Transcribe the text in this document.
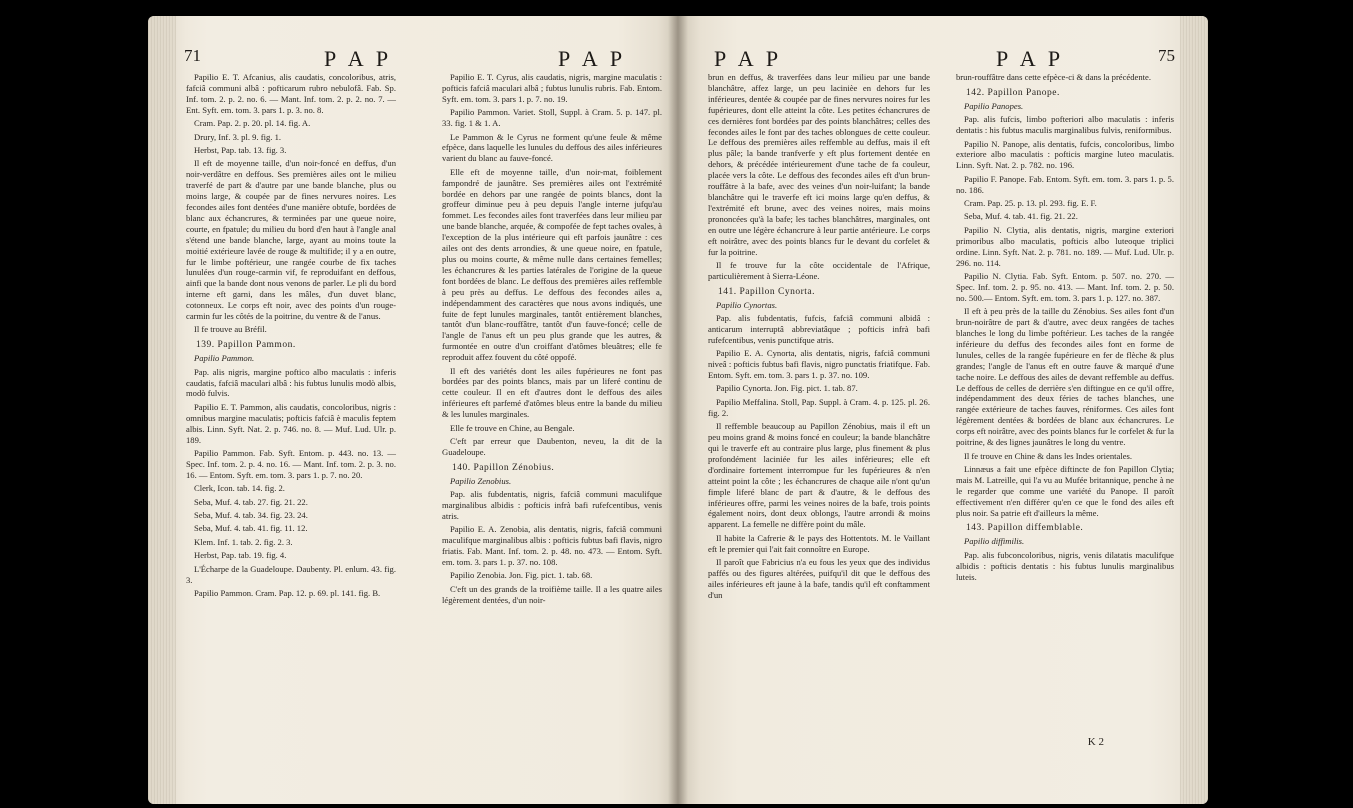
71	P A P	P A P

Papilio E. T. Afcanius, alis caudatis, concoloribus, atris, fafciâ communi albâ : pofticarum rubro nebulofâ. Fab. Sp. Inf. tom. 2. p. 2. no. 6. — Mant. Inf. tom. 2. p. 2. no. 7. — Ent. Syft. em. tom. 3. pars 1. p. 3. no. 8.

Cram. Pap. 2. p. 20. pl. 14. fig. A.

Drury, Inf. 3. pl. 9. fig. 1.

Herbst, Pap. tab. 13. fig. 3.

Il eft de moyenne taille, d'un noir-foncé en deffus, d'un noir-verdâtre en deffous. Ses premières ailes ont le milieu traverfé de part & d'autre par une bande blanche, plus ou moins large, & coupée par de fines nervures noires. Les fecondes ailes font dentées d'une manière obtufe, bordées de blanc aux échancrures, & terminées par une queue noire, courte, en fpatule; du milieu du bord d'en haut à l'angle anal s'étend une bande blanche, large, ayant au moins toute la moitié extérieure lavée de rouge & multifide; il y a en outre, fur le limbe poftérieur, une rangée courbe de fix taches lunulées d'un rouge-carmin vif, fe reproduifant en deffous, ainfi que la bande dont nous venons de parler. Le pli du bord interne eft garni, dans les mâles, d'un duvet blanc, cotonneux. Le corps eft noir, avec des points d'un rouge-carmin fur les côtés de la poitrine, du ventre & de l'anus.

Il fe trouve au Bréfil.

139. Papillon Pammon.

Papilio Pammon.

Pap. alis nigris, margine poftico albo maculatis : inferis caudatis, fafciâ maculari albâ : his fubtus lunulis modò albis, modò fulvis.

Papilio E. T. Pammon, alis caudatis, concoloribus, nigris : omnibus margine maculatis; pofticis fafciâ è maculis feptem albis. Linn. Syft. Nat. 2. p. 746. no. 8. — Muf. Lud. Ulr. p. 189.

Papilio Pammon. Fab. Syft. Entom. p. 443. no. 13. — Spec. Inf. tom. 2. p. 4. no. 16. — Mant. Inf. tom. 2. p. 3. no. 16. — Entom. Syft. em. tom. 3. pars 1. p. 7. no. 20.

Clerk, Icon. tab. 14. fig. 2.

Seba, Muf. 4. tab. 27. fig. 21. 22.

Seba, Muf. 4. tab. 34. fig. 23. 24.

Seba, Muf. 4. tab. 41. fig. 11. 12.

Klem. Inf. 1. tab. 2. fig. 2. 3.

Herbst, Pap. tab. 19. fig. 4.

L'Écharpe de la Guadeloupe. Daubenty. Pl. enlum. 43. fig. 3.

Papilio Pammon. Cram. Pap. 12. p. 69. pl. 141. fig. B.

Papilio E. T. Cyrus, alis caudatis, nigris, margine maculatis : pofticis fafciâ maculari albâ ; fubtus lunulis rubris. Fab. Entom. Syft. em. tom. 3. pars 1. p. 7. no. 19.

Papilio Pammon. Variet. Stoll, Suppl. à Cram. 5. p. 147. pl. 33. fig. 1 & 1. A.

Le Pammon & le Cyrus ne forment qu'une feule & même efpèce, dans laquelle les lunules du deffous des ailes inférieures varient du blanc au fauve-foncé.

Elle eft de moyenne taille, d'un noir-mat, foiblement fampondré de jaunâtre. Ses premières ailes ont l'extrémité bordée en dehors par une rangée de points blancs, dont la groffeur diminue peu à peu depuis l'angle interne jufqu'au fommet. Les fecondes ailes font traverfées dans leur milieu par une bande blanche, arquée, & compofée de fept taches ovales, à l'exception de la plus intérieure qui eft parfois jaunâtre : ces ailes ont des dents arrondies, & une queue noire, en fpatule, plus ou moins courte, & même nulle dans certaines femelles; les échancrures & les parties latérales de l'origine de la queue font bordées de blanc. Le deffous des premières ailes reffemble à peu près au deffus. Le deffous des fecondes ailes a, indépendamment des caractères que nous avons indiqués, une fuite de fept lunules marginales, tantôt entièrement blanches, tantôt d'un blanc-rouffâtre, tantôt d'un fauve-foncé; celle de l'angle de l'anus eft un peu plus grande que les autres, & furmontée en outre d'un croiffant d'atômes bleuâtres; elle fe reproduit affez fouvent du côté oppofé.

Il eft des variétés dont les ailes fupérieures ne font pas bordées par des points blancs, mais par un liferé continu de cette couleur. Il en eft d'autres dont le deffous des ailes inférieures eft parfemé d'atômes bleus entre la bande du milieu & les lunules marginales.

Elle fe trouve en Chine, au Bengale.

C'eft par erreur que Daubenton, neveu, la dit de la Guadeloupe.

140. Papillon Zénobius.

Papilio Zenobius.

Pap. alis fubdentatis, nigris, fafciâ communi maculifque marginalibus albidis : pofticis infrà bafi rufefcentibus, venis atris.

Papilio E. A. Zenobia, alis dentatis, nigris, fafciâ communi maculifque marginalibus albis : pofticis fubtus bafi flavis, nigro friatis. Fab. Mant. Inf. tom. 2. p. 48. no. 473. — Entom. Syft. em. tom. 3. pars 1. p. 37. no. 108.

Papilio Zenobia. Jon. Fig. pict. 1. tab. 68.

C'eft un des grands de la troifième taille. Il a les quatre ailes légèrement dentées, d'un noir-

P A P	P A P	75

brun en deffus, & traverfées dans leur milieu par une bande blanchâtre, affez large, un peu lacinièe en dehors fur les inférieures, dentée & coupée par de fines nervures noires fur les fupérieures, dont elle atteint la côte. Les petites échancrures de ces dernières font bordées par des points blanchâtres; celles des fecondes ailes le font par des taches oblongues de cette couleur. Le deffous des premières ailes reffemble au deffus, mais il eft plus pâle; la bande tranfverfe y eft plus fortement dentée en dehors, & précédée intérieurement d'une tache de fa couleur, placée vers la côte. Le deffous des fecondes ailes eft d'un brun-rouffâtre à la bafe, avec des veines d'un noir-luifant; la bande blanchâtre qui le traverfe eft ici moins large qu'en deffus, & l'extrémité eft brune, avec des veines noires, mais moins prononcées qu'à la bafe; les taches blanchâtres, marginales, ont en outre une légère échancrure à leur partie antérieure. Le corps eft noirâtre, avec des points blancs fur le devant du corfelet & fur la poitrine.

Il fe trouve fur la côte occidentale de l'Afrique, particulièrement à Sierra-Léone.

141. Papillon Cynorta.

Papilio Cynortas.

Pap. alis fubdentatis, fufcis, fafciâ communi albidâ : anticarum interruptâ abbreviatâque ; pofticis infrà bafi rufefcentibus, venis punctifque atris.

Papilio E. A. Cynorta, alis dentatis, nigris, fafciâ communi niveâ : pofticis fubtus bafi flavis, nigro punctatis friatifque. Fab. Entom. Syft. em. tom. 3. pars 1. p. 37. no. 109.

Papilio Cynorta. Jon. Fig. pict. 1. tab. 87.

Papilio Meffalina. Stoll, Pap. Suppl. à Cram. 4. p. 125. pl. 26. fig. 2.

Il reffemble beaucoup au Papillon Zénobius, mais il eft un peu moins grand & moins foncé en couleur; la bande blanchâtre qui le traverfe eft au contraire plus large, plus finement & plus profondément laciniée fur les ailes inférieures; elle eft d'ordinaire fortement interrompue fur les fupérieures & n'en atteint point la côte ; les échancrures de chaque aile n'ont qu'un fimple liferé blanc de part & d'autre, & le deffous des inférieures offre, parmi les veines noires de la bafe, trois points également noirs, dont deux oblongs, l'autre arrondi & moins apparent. La femelle ne diffère point du mâle.

Il habite la Cafrerie & le pays des Hottentots. M. le Vaillant eft le premier qui l'ait fait connoître en Europe.

Il paroît que Fabricius n'a eu fous les yeux que des individus paffés ou des figures altérées, puifqu'il dit que le deffous des ailes inférieures eft jaune à la bafe, tandis qu'il eft conftamment d'un

brun-rouffâtre dans cette efpèce-ci & dans la précédente.

142. Papillon Panope.

Papilio Panopes.

Pap. alis fufcis, limbo pofteriori albo maculatis : inferis dentatis : his fubtus maculis marginalibus fulvis, reniformibus.

Papilio N. Panope, alis dentatis, fufcis, concoloribus, limbo exteriore albo maculatis : pofticis margine luteo maculatis. Linn. Syft. Nat. 2. p. 782. no. 196.

Papilio F. Panope. Fab. Entom. Syft. em. tom. 3. pars 1. p. 5. no. 186.

Cram. Pap. 25. p. 13. pl. 293. fig. E. F.

Seba, Muf. 4. tab. 41. fig. 21. 22.

Papilio N. Clytia, alis dentatis, nigris, margine exteriori primoribus albo maculatis, pofticis albo luteoque triplici ordine. Linn. Syft. Nat. 2. p. 781. no. 189. — Muf. Lud. Ulr. p. 296. no. 114.

Papilio N. Clytia. Fab. Syft. Entom. p. 507. no. 270. — Spec. Inf. tom. 2. p. 95. no. 413. — Mant. Inf. tom. 2. p. 50. no. 500.— Entom. Syft. em. tom. 3. pars 1. p. 127. no. 387.

Il eft à peu près de la taille du Zénobius. Ses ailes font d'un brun-noirâtre de part & d'autre, avec deux rangées de taches blanches le long du limbe poftérieur. Les taches de la rangée inférieure du deffus des fecondes ailes font en forme de lunules, celles de la rangée fupérieure en fer de flèche & plus grandes; l'angle de l'anus eft en outre fauve & marqué d'une tache noire. Le deffous des ailes de devant reffemble au deffus. Le deffous de celles de derrière s'en diftingue en ce qu'il offre, indépendamment des deux féries de taches blanches, une rangée extérieure de taches fauves, réniformes. Ces ailes font légèrement dentées & bordées de blanc aux échancrures. Le corps eft noirâtre, avec des points blancs fur le corfelet & fur la poitrine, & des lignes jaunâtres le long du ventre.

Il fe trouve en Chine & dans les Indes orientales.

Linnæus a fait une efpèce diftincte de fon Papillon Clytia; mais M. Latreille, qui l'a vu au Mufée britannique, penche à ne le regarder que comme une variété du Panope. Il paroît effectivement n'en différer qu'en ce que le fond des ailes eft plus noir. Sa patrie eft d'ailleurs la même.

143. Papillon diffemblable.

Papilio diffimilis.

Pap. alis fubconcoloribus, nigris, venis dilatatis maculifque albidis : pofticis dentatis : his fubtus lunulis marginalibus luteis.

K 2
